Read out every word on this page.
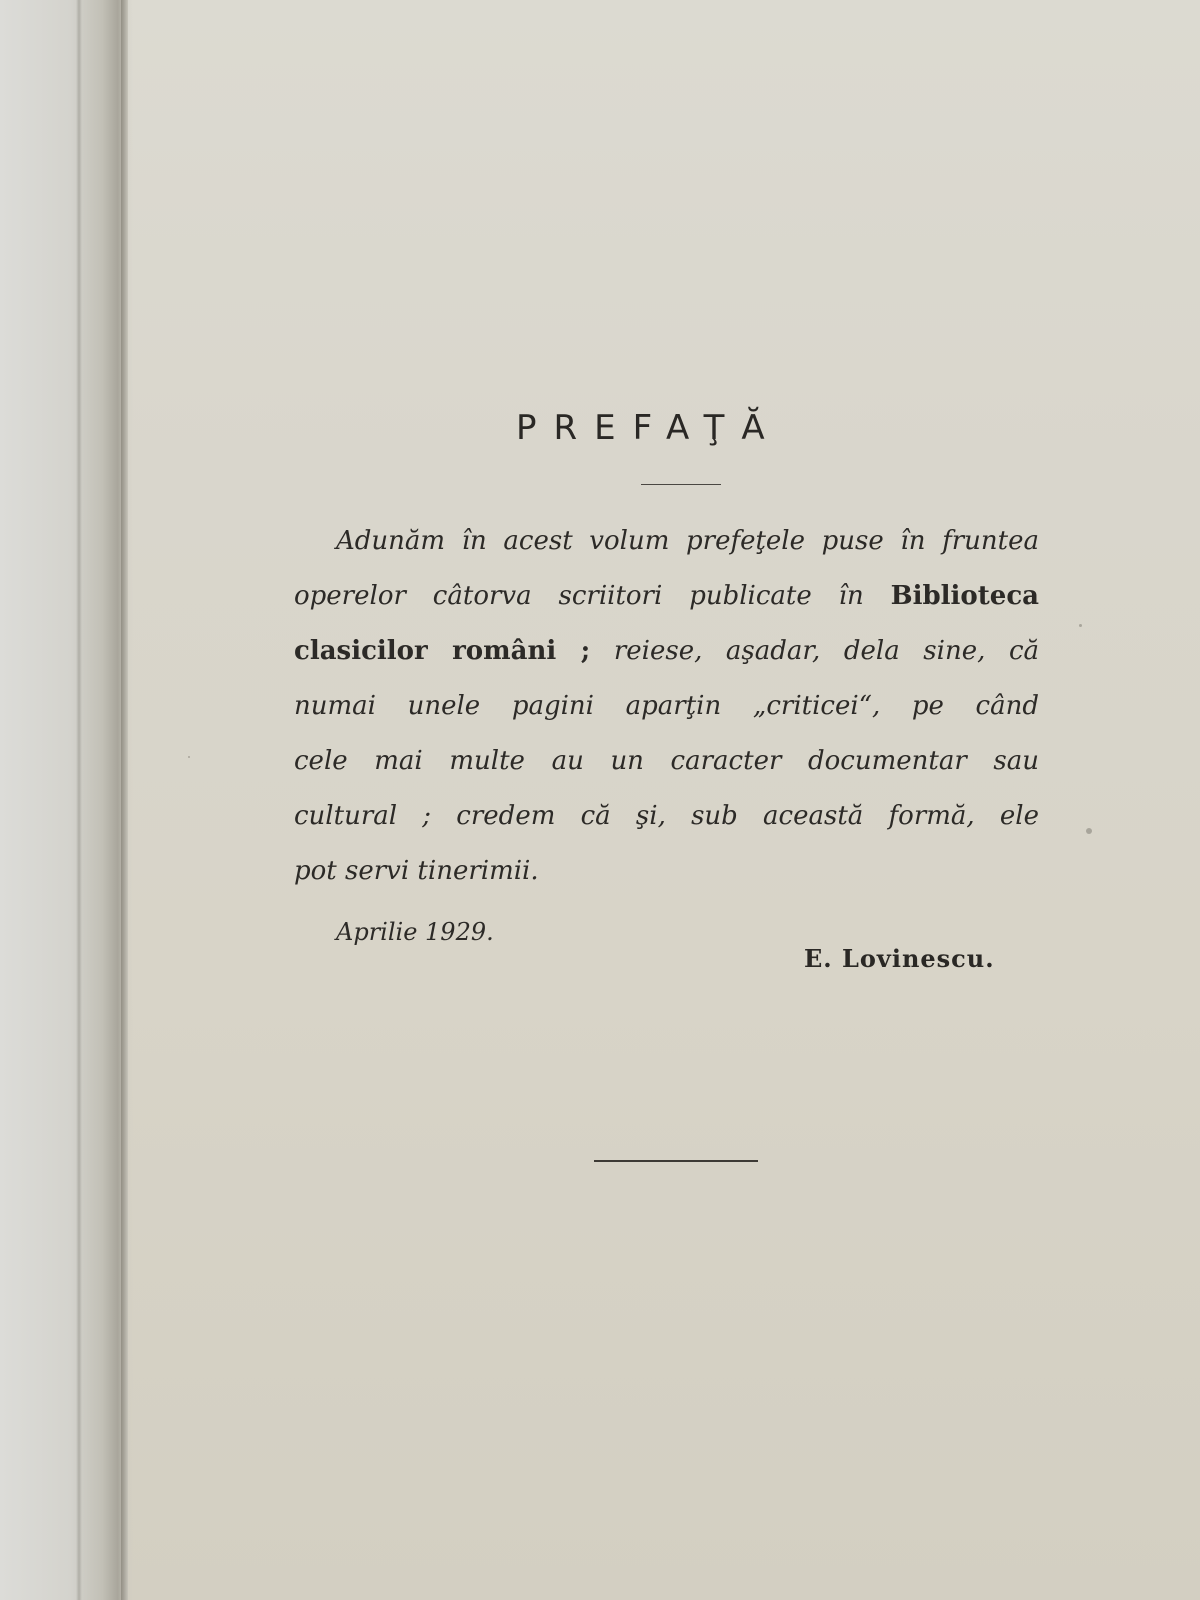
PREFAŢĂ
Adunăm în acest volum prefeţele puse în fruntea
operelor câtorva scriitori publicate în Biblioteca
clasicilor români ; reiese, aşadar, dela sine, că
numai unele pagini aparţin „criticei“, pe când
cele mai multe au un caracter documentar sau
cultural ; credem că şi, sub această formă, ele
pot servi tinerimii.
Aprilie 1929.
E. Lovinescu.
